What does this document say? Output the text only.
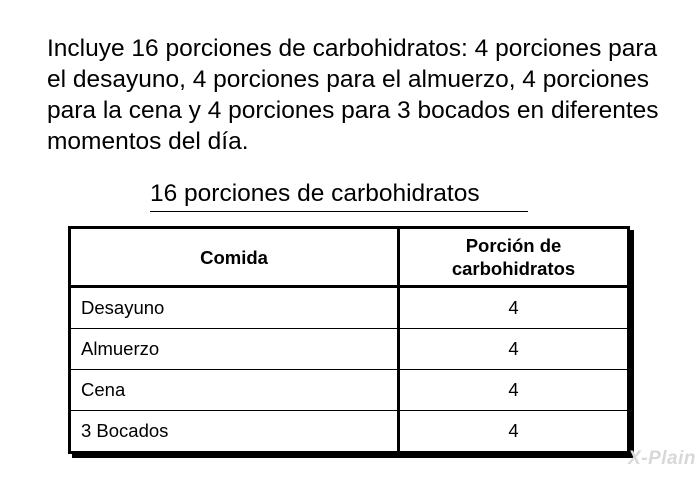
Incluye 16 porciones de carbohidratos: 4 porciones para el desayuno, 4 porciones para el almuerzo, 4 porciones para la cena y 4 porciones para 3 bocados en diferentes momentos del día.

16 porciones de carbohidratos
Comida	Porción de
carbohidratos
Desayuno	4
Almuerzo	4
Cena	4
3 Bocados	4
X-Plain
